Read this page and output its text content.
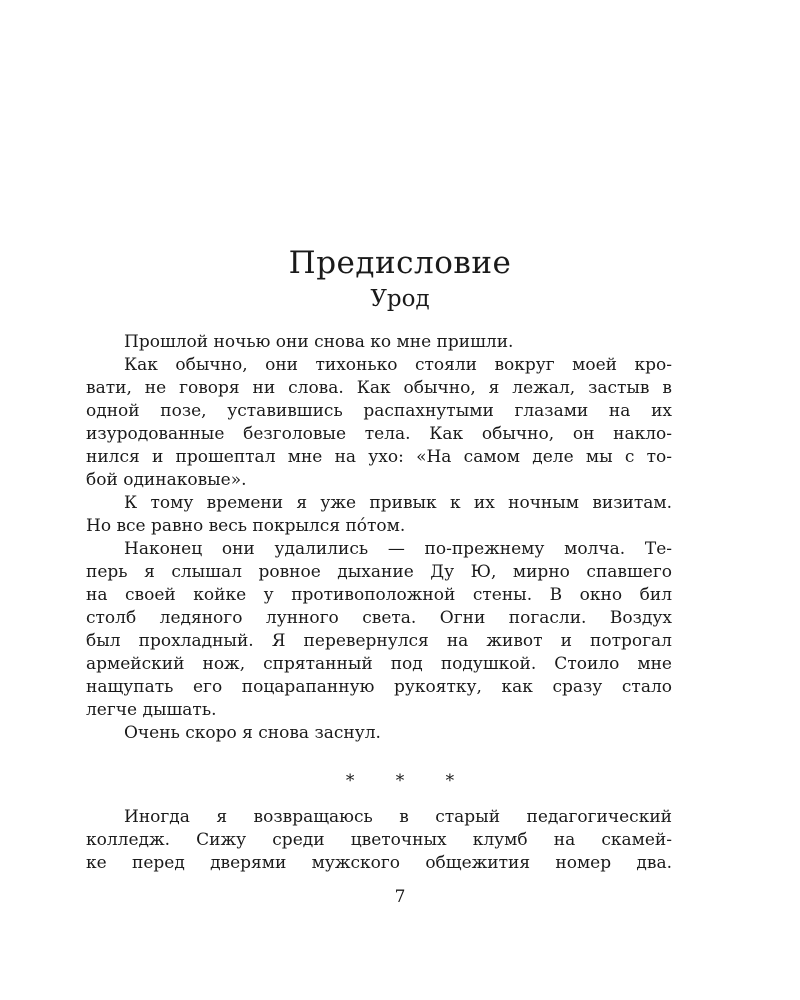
Предисловие
Урод
Прошлой ночью они снова ко мне пришли.
Как обычно, они тихонько стояли вокруг моей кро-
вати, не говоря ни слова. Как обычно, я лежал, застыв в
одной позе, уставившись распахнутыми глазами на их
изуродованные безголовые тела. Как обычно, он накло-
нился и прошептал мне на ухо: «На самом деле мы с то-
бой одинаковые».
К тому времени я уже привык к их ночным визитам.
Но все равно весь покрылся пóтом.
Наконец они удалились — по-прежнему молча. Те-
перь я слышал ровное дыхание Ду Ю, мирно спавшего
на своей койке у противоположной стены. В окно бил
столб ледяного лунного света. Огни погасли. Воздух
был прохладный. Я перевернулся на живот и потрогал
армейский нож, спрятанный под подушкой. Стоило мне
нащупать его поцарапанную рукоятку, как сразу стало
легче дышать.
Очень скоро я снова заснул.
* * *
Иногда я возвращаюсь в старый педагогический
колледж. Сижу среди цветочных клумб на скамей-
ке перед дверями мужского общежития номер два.
7
